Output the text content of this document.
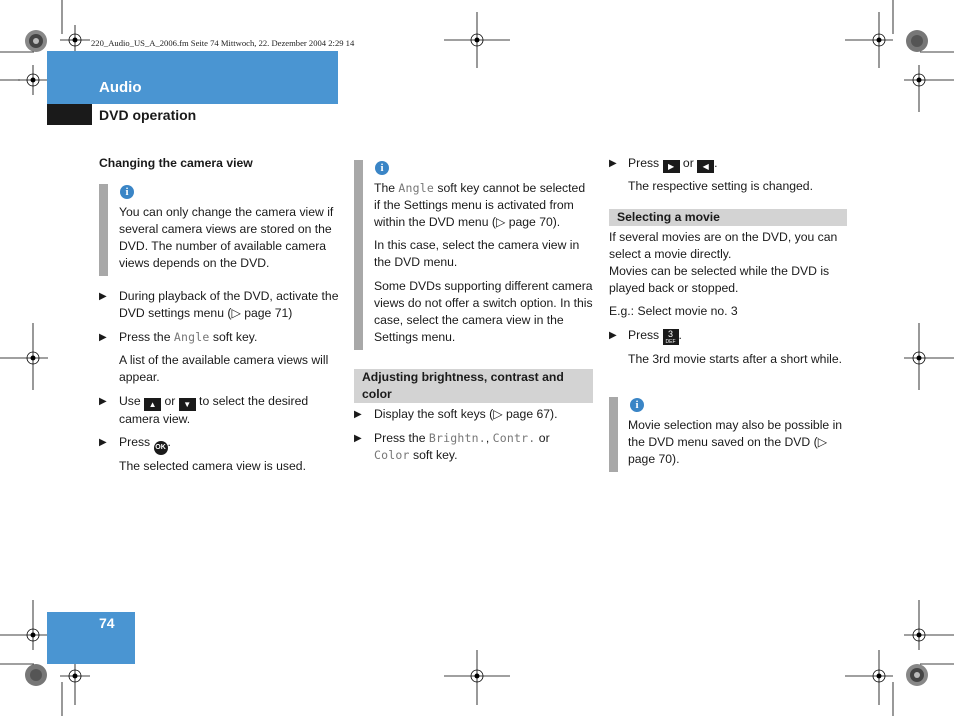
220_Audio_US_A_2006.fm Seite 74 Mittwoch, 22. Dezember 2004 2:29 14
Audio
DVD operation
74
Changing the camera view
i
You can only change the camera view if several camera views are stored on the DVD. The number of available camera views depends on the DVD.
▶ During playback of the DVD, activate the DVD settings menu (▷ page 71)
▶ Press the Angle soft key.
A list of the available camera views will appear.
▶ Use ▲ or ▼ to select the desired camera view.
▶ Press OK .
The selected camera view is used.
i
The Angle soft key cannot be selected if the Settings menu is activated from within the DVD menu (▷ page 70).
In this case, select the camera view in the DVD menu.
Some DVDs supporting different camera views do not offer a switch option. In this case, select the camera view in the Settings menu.
Adjusting brightness, contrast and color
▶ Display the soft keys (▷ page 67).
▶ Press the Brightn., Contr. or Color soft key.
▶ Press ▶ or ◀ .
The respective setting is changed.
Selecting a movie
If several movies are on the DVD, you can select a movie directly.
Movies can be selected while the DVD is played back or stopped.
E.g.: Select movie no. 3
▶ Press 3
DEF .
The 3rd movie starts after a short while.
i
Movie selection may also be possible in the DVD menu saved on the DVD (▷ page 70).
